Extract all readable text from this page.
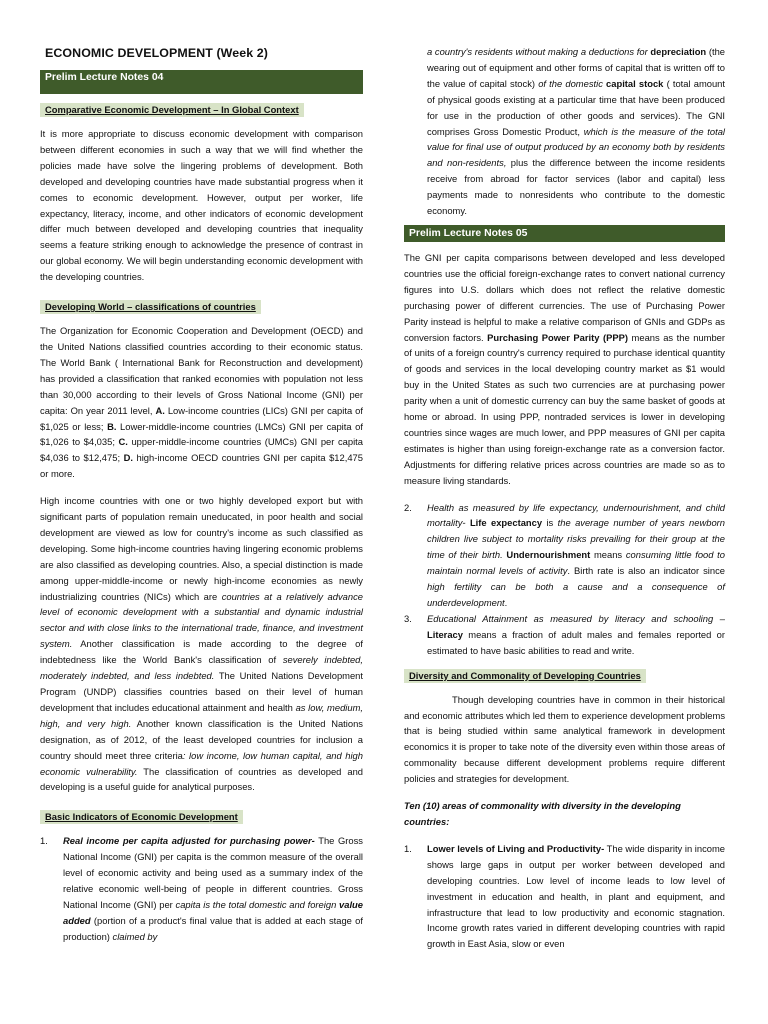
ECONOMIC DEVELOPMENT (Week 2)
Prelim Lecture Notes 04
Comparative Economic Development – In Global Context

It is more appropriate to discuss economic development with comparison between different economies in such a way that we will find whether the policies made have solve the lingering problems of development. Both developed and developing countries have made substantial progress when it comes to economic development. However, output per worker, life expectancy, literacy, income, and other indicators of economic development differ much between developed and developing countries that inequality seems a feature striking enough to acknowledge the presence of contrast in our global economy. We will begin understanding economic development with the developing countries.

Developing World – classifications of countries

The Organization for Economic Cooperation and Development (OECD) and the United Nations classified countries according to their economic status. The World Bank ( International Bank for Reconstruction and development) has provided a classification that ranked economies with population not less than 30,000 according to their levels of Gross National Income (GNI) per capita: On year 2011 level, A. Low-income countries (LICs) GNI per capita of $1,025 or less; B. Lower-middle-income countries (LMCs) GNI per capita of $1,026 to $4,035; C. upper-middle-income countries (UMCs) GNI per capita $4,036 to $12,475; D. high-income OECD countries GNI per capita $12,475 or more.

High income countries with one or two highly developed export but with significant parts of population remain uneducated, in poor health and social development are viewed as low for country's income as such classified as developing. Some high-income countries having lingering economic problems are also classified as developing countries. Also, a special distinction is made among upper-middle-income or newly high-income economies as newly industrializing countries (NICs) which are countries at a relatively advance level of economic development with a substantial and dynamic industrial sector and with close links to the international trade, finance, and investment system. Another classification is made according to the degree of indebtedness like the World Bank's classification of severely indebted, moderately indebted, and less indebted. The United Nations Development Program (UNDP) classifies countries based on their level of human development that includes educational attainment and health as low, medium, high, and very high. Another known classification is the United Nations designation, as of 2012, of the least developed countries for inclusion a country should meet three criteria: low income, low human capital, and high economic vulnerability. The classification of countries as developed and developing is a useful guide for analytical purposes.

Basic Indicators of Economic Development
1. Real income per capita adjusted for purchasing power- The Gross National Income (GNI) per capita is the common measure of the overall level of economic activity and being used as a summary index of the relative economic well-being of people in different countries. Gross National Income (GNI) per capita is the total domestic and foreign value added (portion of a product's final value that is added at each stage of production) claimed by
a country's residents without making a deductions for depreciation (the wearing out of equipment and other forms of capital that is written off to the value of capital stock) of the domestic capital stock ( total amount of physical goods existing at a particular time that have been produced for use in the production of other goods and services). The GNI comprises Gross Domestic Product, which is the measure of the total value for final use of output produced by an economy both by residents and non-residents, plus the difference between the income residents receive from abroad for factor services (labor and capital) less payments made to nonresidents who contribute to the domestic economy.
Prelim Lecture Notes 05

The GNI per capita comparisons between developed and less developed countries use the official foreign-exchange rates to convert national currency figures into U.S. dollars which does not reflect the relative domestic purchasing power of different currencies. The use of Purchasing Power Parity instead is helpful to make a relative comparison of GNIs and GDPs as conversion factors. Purchasing Power Parity (PPP) means as the number of units of a foreign country's currency required to purchase identical quantity of goods and services in the local developing country market as $1 would buy in the United States as such two currencies are at purchasing power parity when a unit of domestic currency can buy the same basket of goods at home or abroad. In using PPP, nontraded services is lower in developing countries since wages are much lower, and PPP measures of GNI per capita estimates is higher than using foreign-exchange rate as a conversion factor. Adjustments for differing relative prices across countries are made so as to measure living standards.

2. Health as measured by life expectancy, undernourishment, and child mortality- Life expectancy is the average number of years newborn children live subject to mortality risks prevailing for their group at the time of their birth. Undernourishment means consuming little food to maintain normal levels of activity. Birth rate is also an indicator since high fertility can be both a cause and a consequence of underdevelopment.
3. Educational Attainment as measured by literacy and schooling – Literacy means a fraction of adult males and females reported or estimated to have basic abilities to read and write.
Diversity and Commonality of Developing Countries

Though developing countries have in common in their historical and economic attributes which led them to experience development problems that is being studied within same analytical framework in development economics it is proper to take note of the diversity even within those areas of commonality because different development problems require different policies and strategies for development.

Ten (10) areas of commonality with diversity in the developing countries:
1. Lower levels of Living and Productivity- The wide disparity in income shows large gaps in output per worker between developed and developing countries. Low level of income leads to low level of investment in education and health, in plant and equipment, and infrastructure that lead to low productivity and economic stagnation. Income growth rates varied in different developing countries with rapid growth in East Asia, slow or even
